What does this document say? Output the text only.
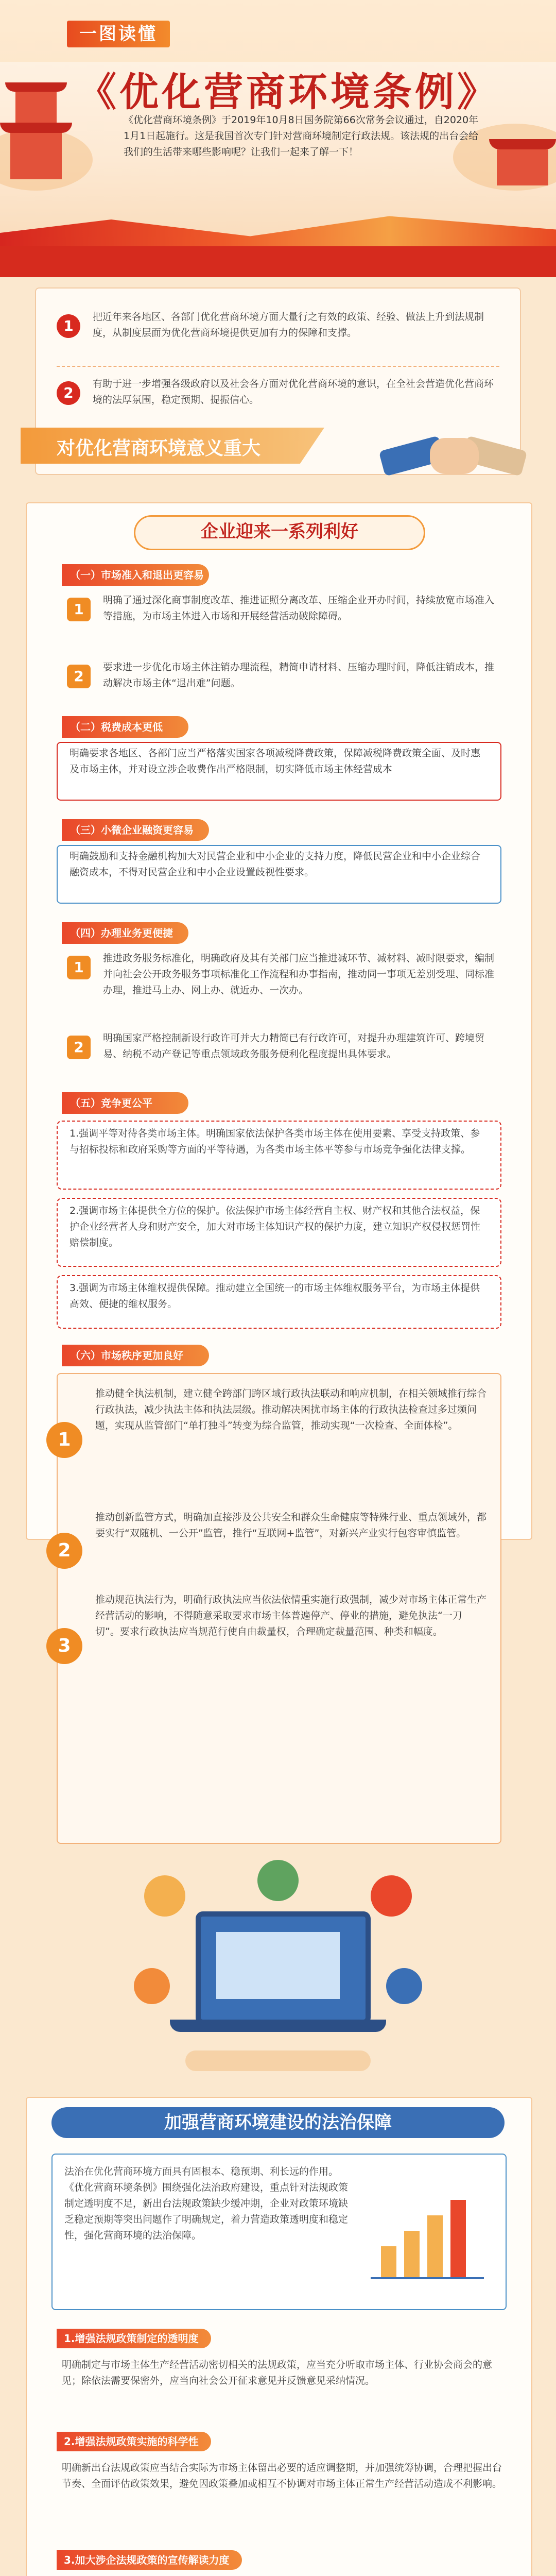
一图读懂
《优化营商环境条例》
《优化营商环境条例》于2019年10月8日国务院第66次常务会议通过，自2020年1月1日起施行。这是我国首次专门针对营商环境制定行政法规。该法规的出台会给我们的生活带来哪些影响呢？让我们一起来了解一下！
1
把近年来各地区、各部门优化营商环境方面大量行之有效的政策、经验、做法上升到法规制度，从制度层面为优化营商环境提供更加有力的保障和支撑。
2
有助于进一步增强各级政府以及社会各方面对优化营商环境的意识，在全社会营造优化营商环境的法厚氛围，稳定预期、提振信心。
对优化营商环境意义重大
企业迎来一系列利好
（一）市场准入和退出更容易
1
明确了通过深化商事制度改革、推进证照分离改革、压缩企业开办时间，持续放宽市场准入等措施，为市场主体进入市场和开展经营活动破除障碍。
2
要求进一步优化市场主体注销办理流程，精简申请材料、压缩办理时间，降低注销成本，推动解决市场主体“退出难”问题。
（二）税费成本更低
明确要求各地区、各部门应当严格落实国家各项减税降费政策，保障减税降费政策全面、及时惠及市场主体，并对设立涉企收费作出严格限制，切实降低市场主体经营成本
（三）小微企业融资更容易
明确鼓励和支持金融机构加大对民营企业和中小企业的支持力度，降低民营企业和中小企业综合融资成本，不得对民营企业和中小企业设置歧视性要求。
（四）办理业务更便捷
1
推进政务服务标准化，明确政府及其有关部门应当推进减环节、减材料、减时限要求，编制并向社会公开政务服务事项标准化工作流程和办事指南，推动同一事项无差别受理、同标准办理，推进马上办、网上办、就近办、一次办。
2
明确国家严格控制新设行政许可并大力精简已有行政许可，对提升办理建筑许可、跨境贸易、纳税不动产登记等重点领域政务服务便利化程度提出具体要求。
（五）竞争更公平
1.强调平等对待各类市场主体。明确国家依法保护各类市场主体在使用要素、享受支持政策、参与招标投标和政府采购等方面的平等待遇，为各类市场主体平等参与市场竞争强化法律支撑。
2.强调市场主体提供全方位的保护。依法保护市场主体经营自主权、财产权和其他合法权益，保护企业经营者人身和财产安全，加大对市场主体知识产权的保护力度，建立知识产权侵权惩罚性赔偿制度。
3.强调为市场主体维权提供保障。推动建立全国统一的市场主体维权服务平台，为市场主体提供高效、便捷的维权服务。
（六）市场秩序更加良好
1
推动健全执法机制，建立健全跨部门跨区域行政执法联动和响应机制，在相关领域推行综合行政执法，减少执法主体和执法层级。推动解决困扰市场主体的行政执法检查过多过频问题，实现从监管部门“单打独斗”转变为综合监管，推动实现“一次检查、全面体检”。
2
推动创新监管方式，明确加直接涉及公共安全和群众生命健康等特殊行业、重点领域外，都要实行“双随机、一公开”监管，推行“互联网+监管”，对新兴产业实行包容审慎监管。
3
推动规范执法行为，明确行政执法应当依法依情重实施行政强制，减少对市场主体正常生产经营活动的影响，不得随意采取要求市场主体普遍停产、停业的措施，避免执法“一刀切”。要求行政执法应当规范行使自由裁量权，合理确定裁量范围、种类和幅度。
加强营商环境建设的法治保障
法治在优化营商环境方面具有固根本、稳预期、利长远的作用。《优化营商环境条例》围绕强化法治政府建设，重点针对法规政策制定透明度不足，新出台法规政策缺少缓冲期，企业对政策环境缺乏稳定预期等突出问题作了明确规定，着力营造政策透明度和稳定性，强化营商环境的法治保障。
1.增强法规政策制定的透明度
明确制定与市场主体生产经营活动密切相关的法规政策，应当充分听取市场主体、行业协会商会的意见；除依法需要保密外，应当向社会公开征求意见并反馈意见采纳情况。
2.增强法规政策实施的科学性
明确新出台法规政策应当结合实际为市场主体留出必要的适应调整期，并加强统筹协调，合理把握出台节奏、全面评估政策效果，避免因政策叠加或相互不协调对市场主体正常生产经营活动造成不利影响。
3.加大涉企法规政策的宣传解读力度
